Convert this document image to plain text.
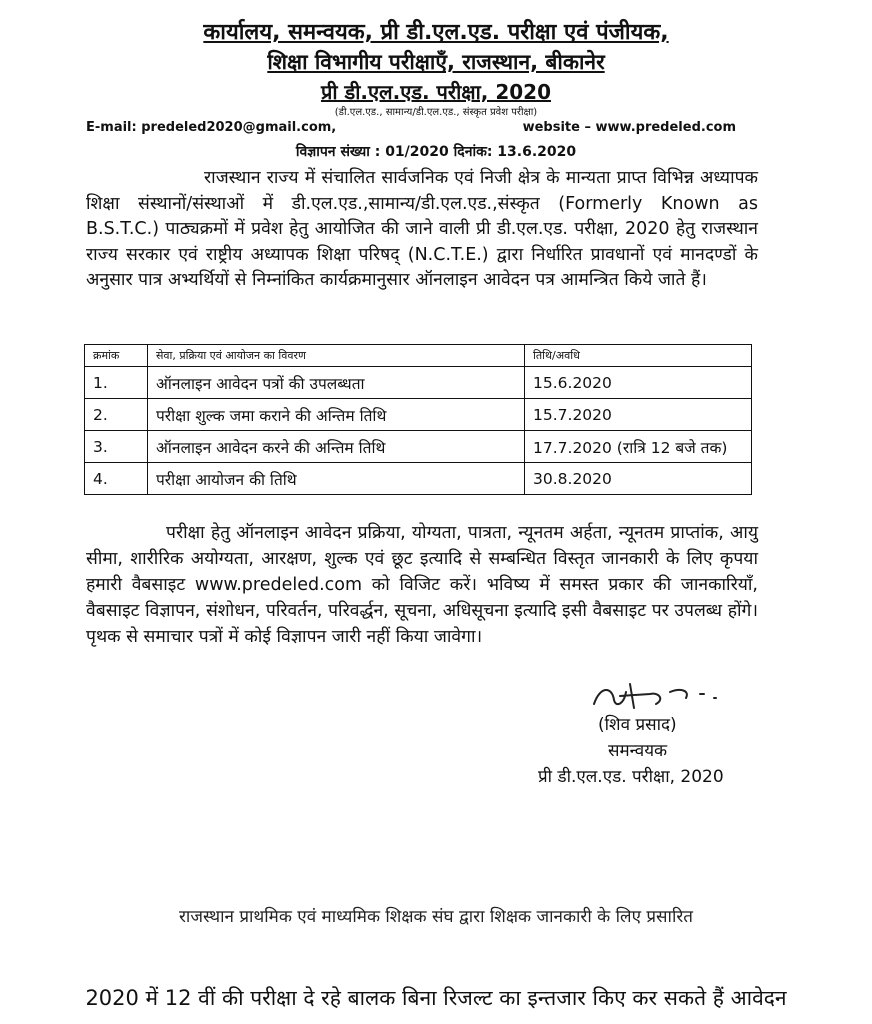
कार्यालय, समन्वयक, प्री डी.एल.एड. परीक्षा एवं पंजीयक,
शिक्षा विभागीय परीक्षाएँ, राजस्थान, बीकानेर
प्री डी.एल.एड. परीक्षा, 2020
(डी.एल.एड., सामान्य/डी.एल.एड., संस्कृत प्रवेश परीक्षा)
E-mail: predeled2020@gmail.com,	website – www.predeled.com
विज्ञापन संख्या : 01/2020 दिनांक: 13.6.2020
राजस्थान राज्य में संचालित सार्वजनिक एवं निजी क्षेत्र के मान्यता प्राप्त विभिन्न अध्यापक शिक्षा संस्थानों/संस्थाओं में डी.एल.एड.,सामान्य/डी.एल.एड.,संस्कृत (Formerly Known as B.S.T.C.) पाठ्यक्रमों में प्रवेश हेतु आयोजित की जाने वाली प्री डी.एल.एड. परीक्षा, 2020 हेतु राजस्थान राज्य सरकार एवं राष्ट्रीय अध्यापक शिक्षा परिषद् (N.C.T.E.) द्वारा निर्धारित प्रावधानों एवं मानदण्डों के अनुसार पात्र अभ्यर्थियों से निम्नांकित कार्यक्रमानुसार ऑनलाइन आवेदन पत्र आमन्त्रित किये जाते हैं।
क्रमांक	सेवा, प्रक्रिया एवं आयोजन का विवरण	तिथि/अवधि
1.	ऑनलाइन आवेदन पत्रों की उपलब्धता	15.6.2020
2.	परीक्षा शुल्क जमा कराने की अन्तिम तिथि	15.7.2020
3.	ऑनलाइन आवेदन करने की अन्तिम तिथि	17.7.2020 (रात्रि 12 बजे तक)
4.	परीक्षा आयोजन की तिथि	30.8.2020
परीक्षा हेतु ऑनलाइन आवेदन प्रक्रिया, योग्यता, पात्रता, न्यूनतम अर्हता, न्यूनतम प्राप्तांक, आयु सीमा, शारीरिक अयोग्यता, आरक्षण, शुल्क एवं छूट इत्यादि से सम्बन्धित विस्तृत जानकारी के लिए कृपया हमारी वैबसाइट www.predeled.com को विजिट करें। भविष्य में समस्त प्रकार की जानकारियाँ, वैबसाइट विज्ञापन, संशोधन, परिवर्तन, परिवर्द्धन, सूचना, अधिसूचना इत्यादि इसी वैबसाइट पर उपलब्ध होंगे। पृथक से समाचार पत्रों में कोई विज्ञापन जारी नहीं किया जावेगा।
(शिव प्रसाद)
समन्वयक
प्री डी.एल.एड. परीक्षा, 2020
राजस्थान प्राथमिक एवं माध्यमिक शिक्षक संघ द्वारा शिक्षक जानकारी के लिए प्रसारित
2020 में 12 वीं की परीक्षा दे रहे बालक बिना रिजल्ट का इन्तजार किए कर सकते हैं आवेदन
